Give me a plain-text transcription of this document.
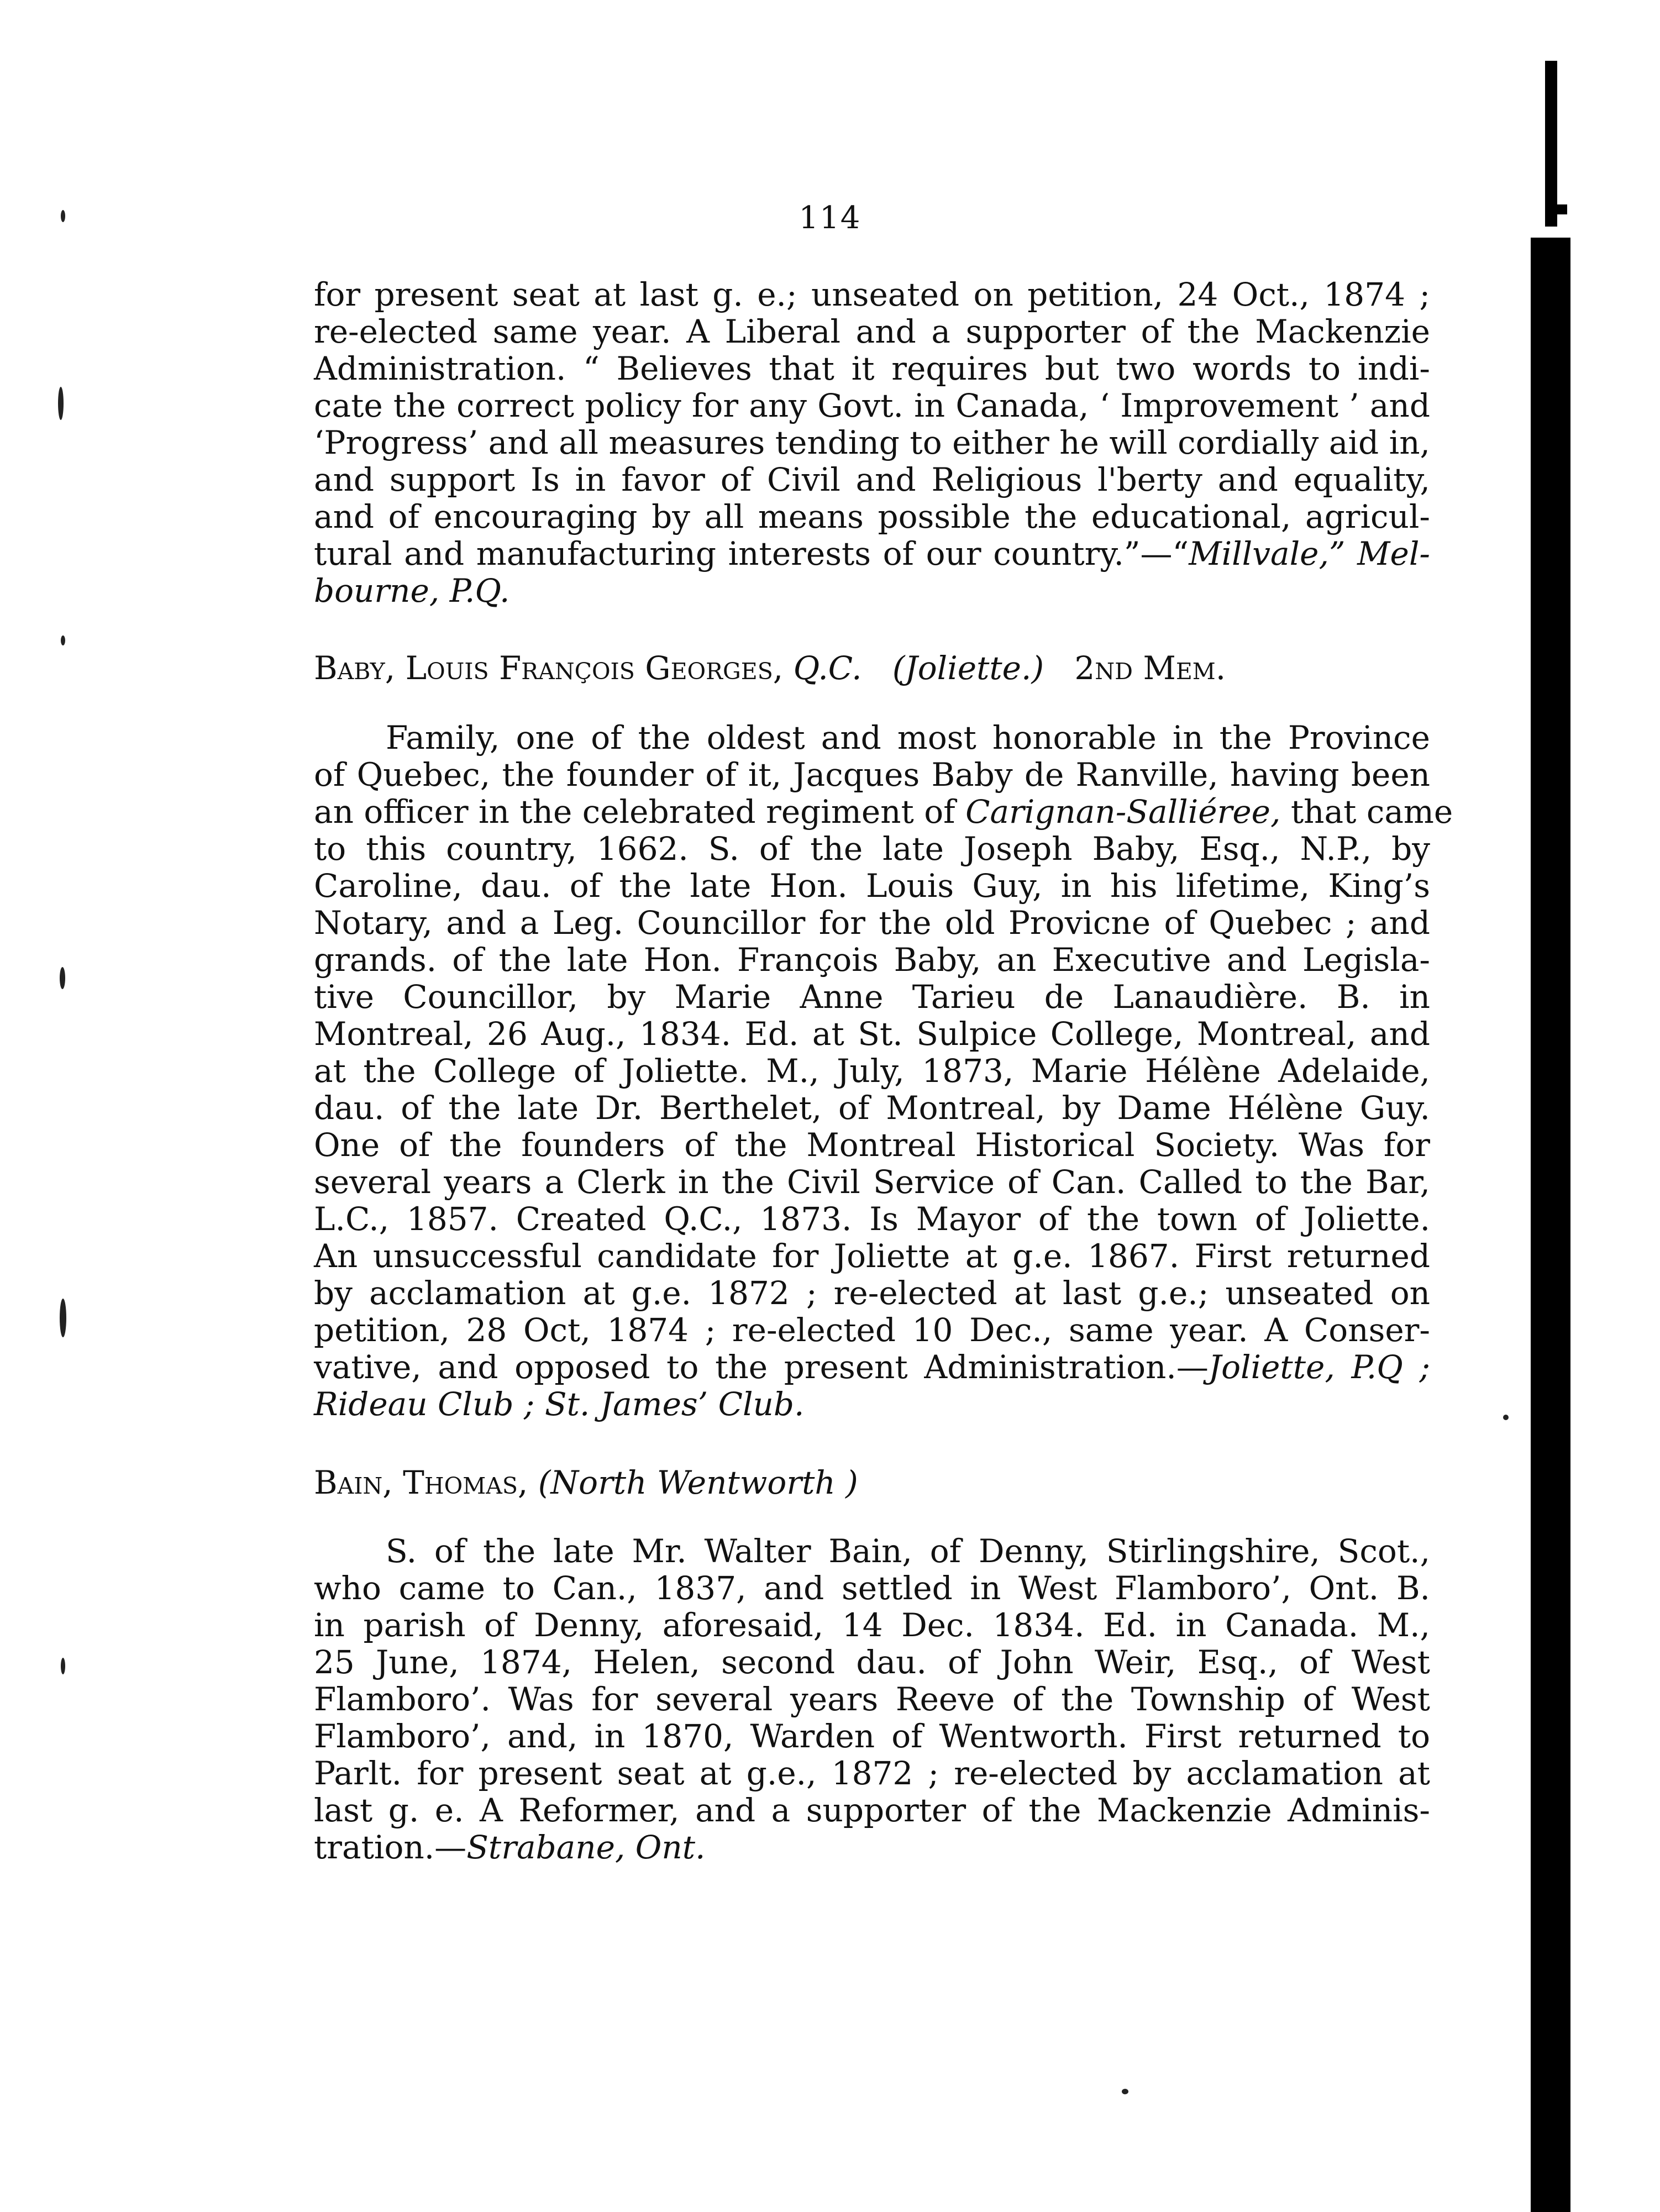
114
for present seat at last g. e.; unseated on petition, 24 Oct., 1874 ;
re-elected same year. A Liberal and a supporter of the Mackenzie
Administration. “ Believes that it requires but two words to indi-
cate the correct policy for any Govt. in Canada, ‘ Improvement ’ and
‘Progress’ and all measures tending to either he will cordially aid in,
and support Is in favor of Civil and Religious l'berty and equality,
and of encouraging by all means possible the educational, agricul-
tural and manufacturing interests of our country.”—“Millvale,” Mel-
bourne, P.Q.
Baby, Louis François Georges, Q.C. (Joliette.) 2nd Mem.
Family, one of the oldest and most honorable in the Province
of Quebec, the founder of it, Jacques Baby de Ranville, having been
an officer in the celebrated regiment of Carignan-Salliéree, that came
to this country, 1662. S. of the late Joseph Baby, Esq., N.P., by
Caroline, dau. of the late Hon. Louis Guy, in his lifetime, King’s
Notary, and a Leg. Councillor for the old Provicne of Quebec ; and
grands. of the late Hon. François Baby, an Executive and Legisla-
tive Councillor, by Marie Anne Tarieu de Lanaudière. B. in
Montreal, 26 Aug., 1834. Ed. at St. Sulpice College, Montreal, and
at the College of Joliette. M., July, 1873, Marie Hélène Adelaide,
dau. of the late Dr. Berthelet, of Montreal, by Dame Hélène Guy.
One of the founders of the Montreal Historical Society. Was for
several years a Clerk in the Civil Service of Can. Called to the Bar,
L.C., 1857. Created Q.C., 1873. Is Mayor of the town of Joliette.
An unsuccessful candidate for Joliette at g.e. 1867. First returned
by acclamation at g.e. 1872 ; re-elected at last g.e.; unseated on
petition, 28 Oct, 1874 ; re-elected 10 Dec., same year. A Conser-
vative, and opposed to the present Administration.—Joliette, P.Q ;
Rideau Club ; St. James’ Club.
Bain, Thomas, (North Wentworth )
S. of the late Mr. Walter Bain, of Denny, Stirlingshire, Scot.,
who came to Can., 1837, and settled in West Flamboro’, Ont. B.
in parish of Denny, aforesaid, 14 Dec. 1834. Ed. in Canada. M.,
25 June, 1874, Helen, second dau. of John Weir, Esq., of West
Flamboro’. Was for several years Reeve of the Township of West
Flamboro’, and, in 1870, Warden of Wentworth. First returned to
Parlt. for present seat at g.e., 1872 ; re-elected by acclamation at
last g. e. A Reformer, and a supporter of the Mackenzie Adminis-
tration.—Strabane, Ont.
